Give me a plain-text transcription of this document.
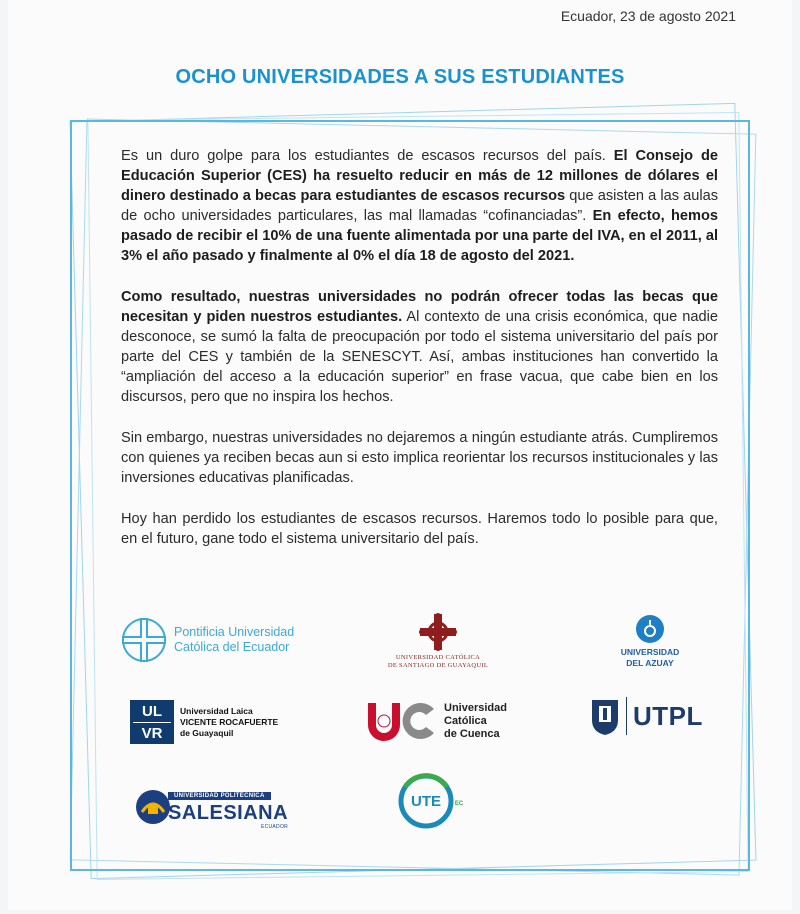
Ecuador, 23 de agosto 2021
OCHO UNIVERSIDADES A SUS ESTUDIANTES

Es un duro golpe para los estudiantes de escasos recursos del país. El Consejo de Educación Superior (CES) ha resuelto reducir en más de 12 millones de dólares el dinero destinado a becas para estudiantes de escasos recursos que asisten a las aulas de ocho universidades particulares, las mal llamadas “cofinanciadas”. En efecto, hemos pasado de recibir el 10% de una fuente alimentada por una parte del IVA, en el 2011, al 3% el año pasado y finalmente al 0% el día 18 de agosto del 2021.

Como resultado, nuestras universidades no podrán ofrecer todas las becas que necesitan y piden nuestros estudiantes. Al contexto de una crisis económica, que nadie desconoce, se sumó la falta de preocupación por todo el sistema universitario del país por parte del CES y también de la SENESCYT. Así, ambas instituciones han convertido la “ampliación del acceso a la educación superior” en frase vacua, que cabe bien en los discursos, pero que no inspira los hechos.

Sin embargo, nuestras universidades no dejaremos a ningún estudiante atrás. Cumpliremos con quienes ya reciben becas aun si esto implica reorientar los recursos institucionales y las inversiones educativas planificadas.

Hoy han perdido los estudiantes de escasos recursos. Haremos todo lo posible para que, en el futuro, gane todo el sistema universitario del país.

Pontificia Universidad
Católica del Ecuador
UNIVERSIDAD CATÓLICA
DE SANTIAGO DE GUAYAQUIL
UNIVERSIDAD
DEL AZUAY
UL
VR
Universidad Laica
VICENTE ROCAFUERTE
de Guayaquil
Universidad
Católica
de Cuenca
UTPL
UNIVERSIDAD POLITÉCNICA
SALESIANA
ECUADOR
UTE EC
